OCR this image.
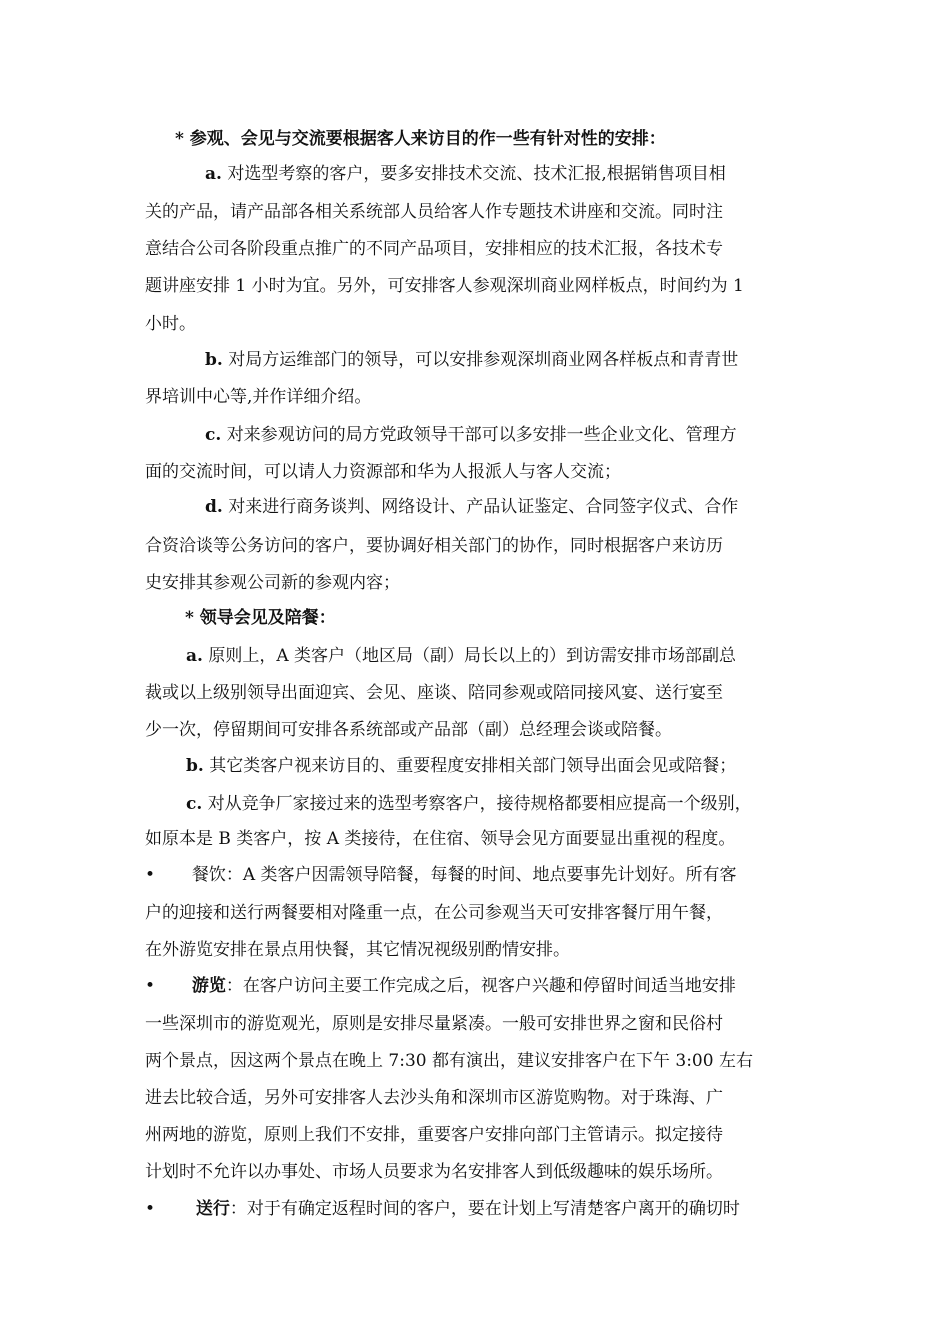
* 参观、会见与交流要根据客人来访目的作一些有针对性的安排：
a. 对选型考察的客户，要多安排技术交流、技术汇报,根据销售项目相
关的产品，请产品部各相关系统部人员给客人作专题技术讲座和交流。同时注
意结合公司各阶段重点推广的不同产品项目，安排相应的技术汇报，各技术专
题讲座安排 1 小时为宜。另外，可安排客人参观深圳商业网样板点，时间约为 1
小时。
b. 对局方运维部门的领导，可以安排参观深圳商业网各样板点和青青世
界培训中心等,并作详细介绍。
c. 对来参观访问的局方党政领导干部可以多安排一些企业文化、管理方
面的交流时间，可以请人力资源部和华为人报派人与客人交流；
d. 对来进行商务谈判、网络设计、产品认证鉴定、合同签字仪式、合作
合资洽谈等公务访问的客户，要协调好相关部门的协作，同时根据客户来访历
史安排其参观公司新的参观内容；
* 领导会见及陪餐：
a. 原则上，A 类客户（地区局（副）局长以上的）到访需安排市场部副总
裁或以上级别领导出面迎宾、会见、座谈、陪同参观或陪同接风宴、送行宴至
少一次，停留期间可安排各系统部或产品部（副）总经理会谈或陪餐。
b. 其它类客户视来访目的、重要程度安排相关部门领导出面会见或陪餐；
c. 对从竞争厂家接过来的选型考察客户，接待规格都要相应提高一个级别，
如原本是 B 类客户，按 A 类接待，在住宿、领导会见方面要显出重视的程度。
• 餐饮：A 类客户因需领导陪餐，每餐的时间、地点要事先计划好。所有客
户的迎接和送行两餐要相对隆重一点，在公司参观当天可安排客餐厅用午餐，
在外游览安排在景点用快餐，其它情况视级别酌情安排。
• 游览：在客户访问主要工作完成之后，视客户兴趣和停留时间适当地安排
一些深圳市的游览观光，原则是安排尽量紧凑。一般可安排世界之窗和民俗村
两个景点，因这两个景点在晚上 7:30 都有演出，建议安排客户在下午 3:00 左右
进去比较合适，另外可安排客人去沙头角和深圳市区游览购物。对于珠海、广
州两地的游览，原则上我们不安排，重要客户安排向部门主管请示。拟定接待
计划时不允许以办事处、市场人员要求为名安排客人到低级趣味的娱乐场所。
• 送行：对于有确定返程时间的客户，要在计划上写清楚客户离开的确切时
